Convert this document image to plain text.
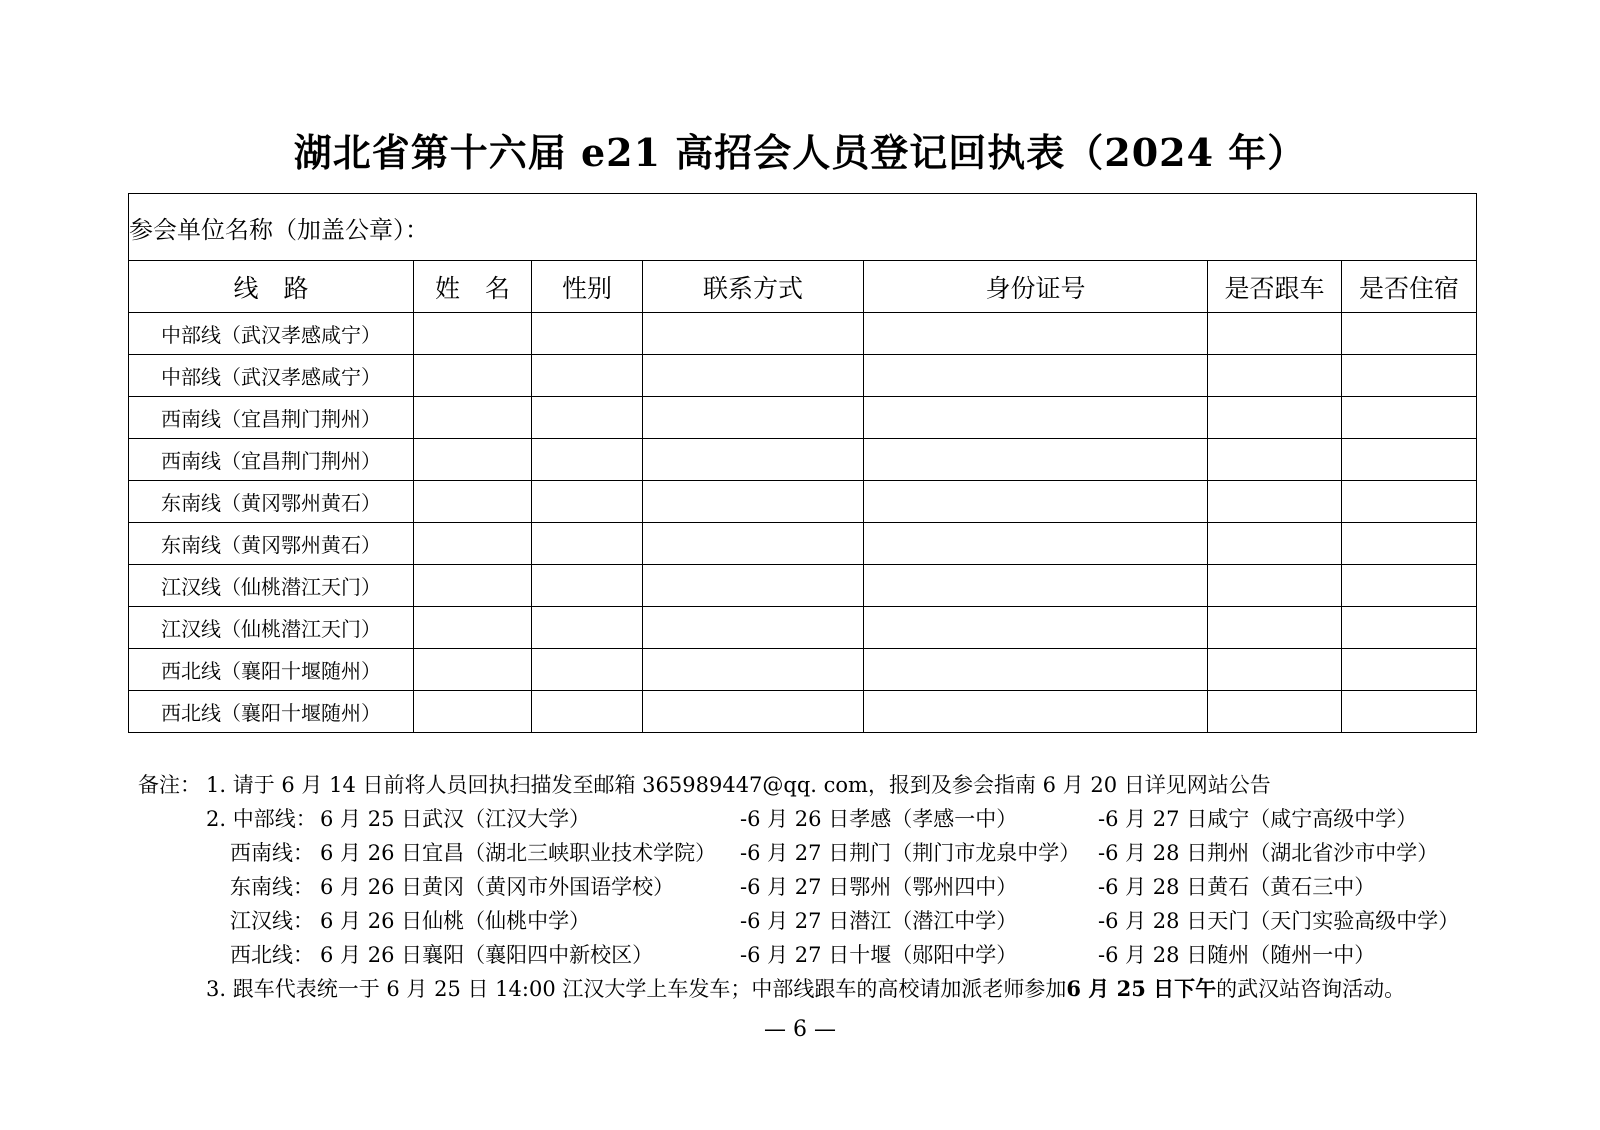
湖北省第十六届 e21 高招会人员登记回执表（2024 年）
参会单位名称（加盖公章）：						
线　路	姓　名	性别	联系方式	身份证号	是否跟车	是否住宿
中部线（武汉孝感咸宁）						
中部线（武汉孝感咸宁）						
西南线（宜昌荆门荆州）						
西南线（宜昌荆门荆州）						
东南线（黄冈鄂州黄石）						
东南线（黄冈鄂州黄石）						
江汉线（仙桃潜江天门）						
江汉线（仙桃潜江天门）						
西北线（襄阳十堰随州）						
西北线（襄阳十堰随州）						
备注： 1. 请于 6 月 14 日前将人员回执扫描发至邮箱 365989447@qq. com，报到及参会指南 6 月 20 日详见网站公告
2. 中部线： 6 月 25 日武汉（江汉大学）	-6 月 26 日孝感（孝感一中）	-6 月 27 日咸宁（咸宁高级中学）
西南线： 6 月 26 日宜昌（湖北三峡职业技术学院） -6 月 27 日荆门（荆门市龙泉中学） -6 月 28 日荆州（湖北省沙市中学）
东南线： 6 月 26 日黄冈（黄冈市外国语学校）	-6 月 27 日鄂州（鄂州四中）	-6 月 28 日黄石（黄石三中）
江汉线： 6 月 26 日仙桃（仙桃中学）	-6 月 27 日潜江（潜江中学）	-6 月 28 日天门（天门实验高级中学）
西北线： 6 月 26 日襄阳（襄阳四中新校区）	-6 月 27 日十堰（郧阳中学）	-6 月 28 日随州（随州一中）
3. 跟车代表统一于 6 月 25 日 14:00 江汉大学上车发车；中部线跟车的高校请加派老师参加6 月 25 日下午的武汉站咨询活动。
— 6 —
